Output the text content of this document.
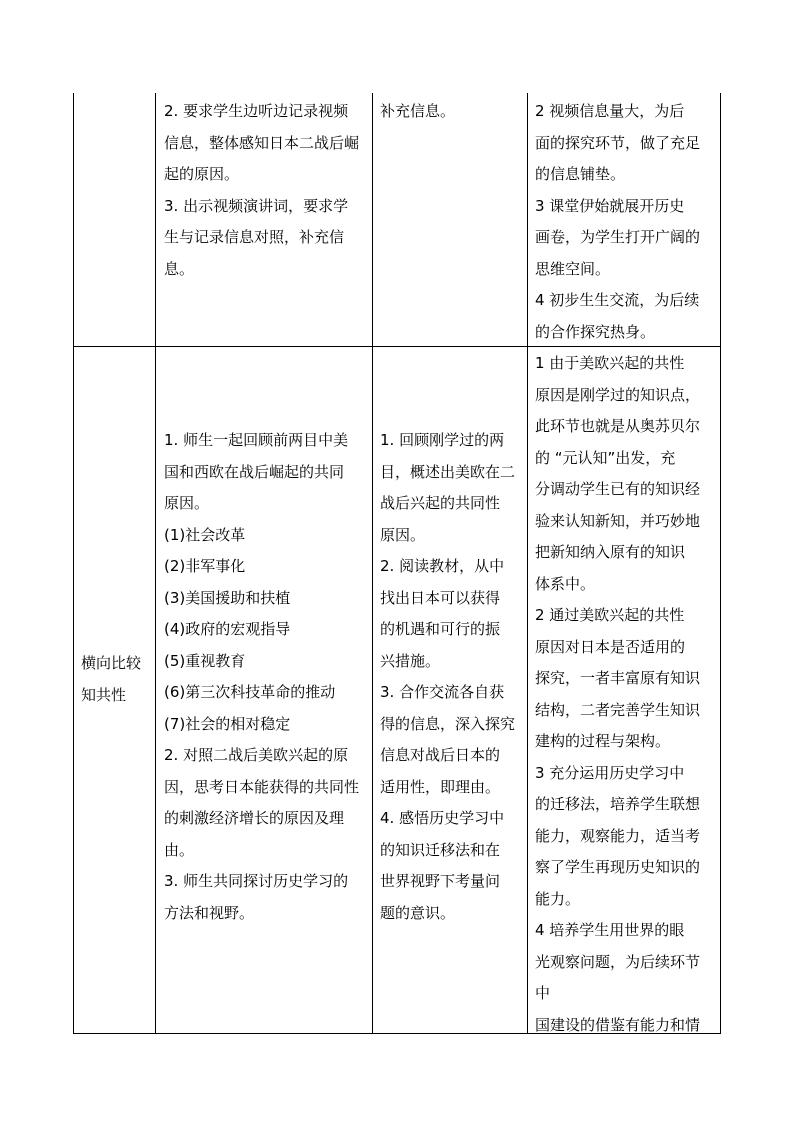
2. 要求学生边听边记录视频

信息，整体感知日本二战后崛

起的原因。

3. 出示视频演讲词，要求学

生与记录信息对照，补充信

息。

补充信息。	2 视频信息量大，为后

面的探究环节，做了充足

的信息铺垫。

3 课堂伊始就展开历史

画卷，为学生打开广阔的

思维空间。

4 初步生生交流，为后续

的合作探究热身。

横向比较

知共性

1. 师生一起回顾前两目中美

国和西欧在战后崛起的共同

原因。

(1)社会改革

(2)非军事化

(3)美国援助和扶植

(4)政府的宏观指导

(5)重视教育

(6)第三次科技革命的推动

(7)社会的相对稳定

2. 对照二战后美欧兴起的原

因，思考日本能获得的共同性

的刺激经济增长的原因及理

由。

3. 师生共同探讨历史学习的

方法和视野。

1. 回顾刚学过的两

目，概述出美欧在二

战后兴起的共同性

原因。

2. 阅读教材，从中

找出日本可以获得

的机遇和可行的振

兴措施。

3. 合作交流各自获

得的信息，深入探究

信息对战后日本的

适用性，即理由。

4. 感悟历史学习中

的知识迁移法和在

世界视野下考量问

题的意识。

1 由于美欧兴起的共性

原因是刚学过的知识点，

此环节也就是从奥苏贝尔

的 “元认知”出发，充

分调动学生已有的知识经

验来认知新知，并巧妙地

把新知纳入原有的知识

体系中。

2 通过美欧兴起的共性

原因对日本是否适用的

探究，一者丰富原有知识

结构，二者完善学生知识

建构的过程与架构。

3 充分运用历史学习中

的迁移法，培养学生联想

能力，观察能力，适当考

察了学生再现历史知识的

能力。

4 培养学生用世界的眼

光观察问题，为后续环节

中

国建设的借鉴有能力和情
